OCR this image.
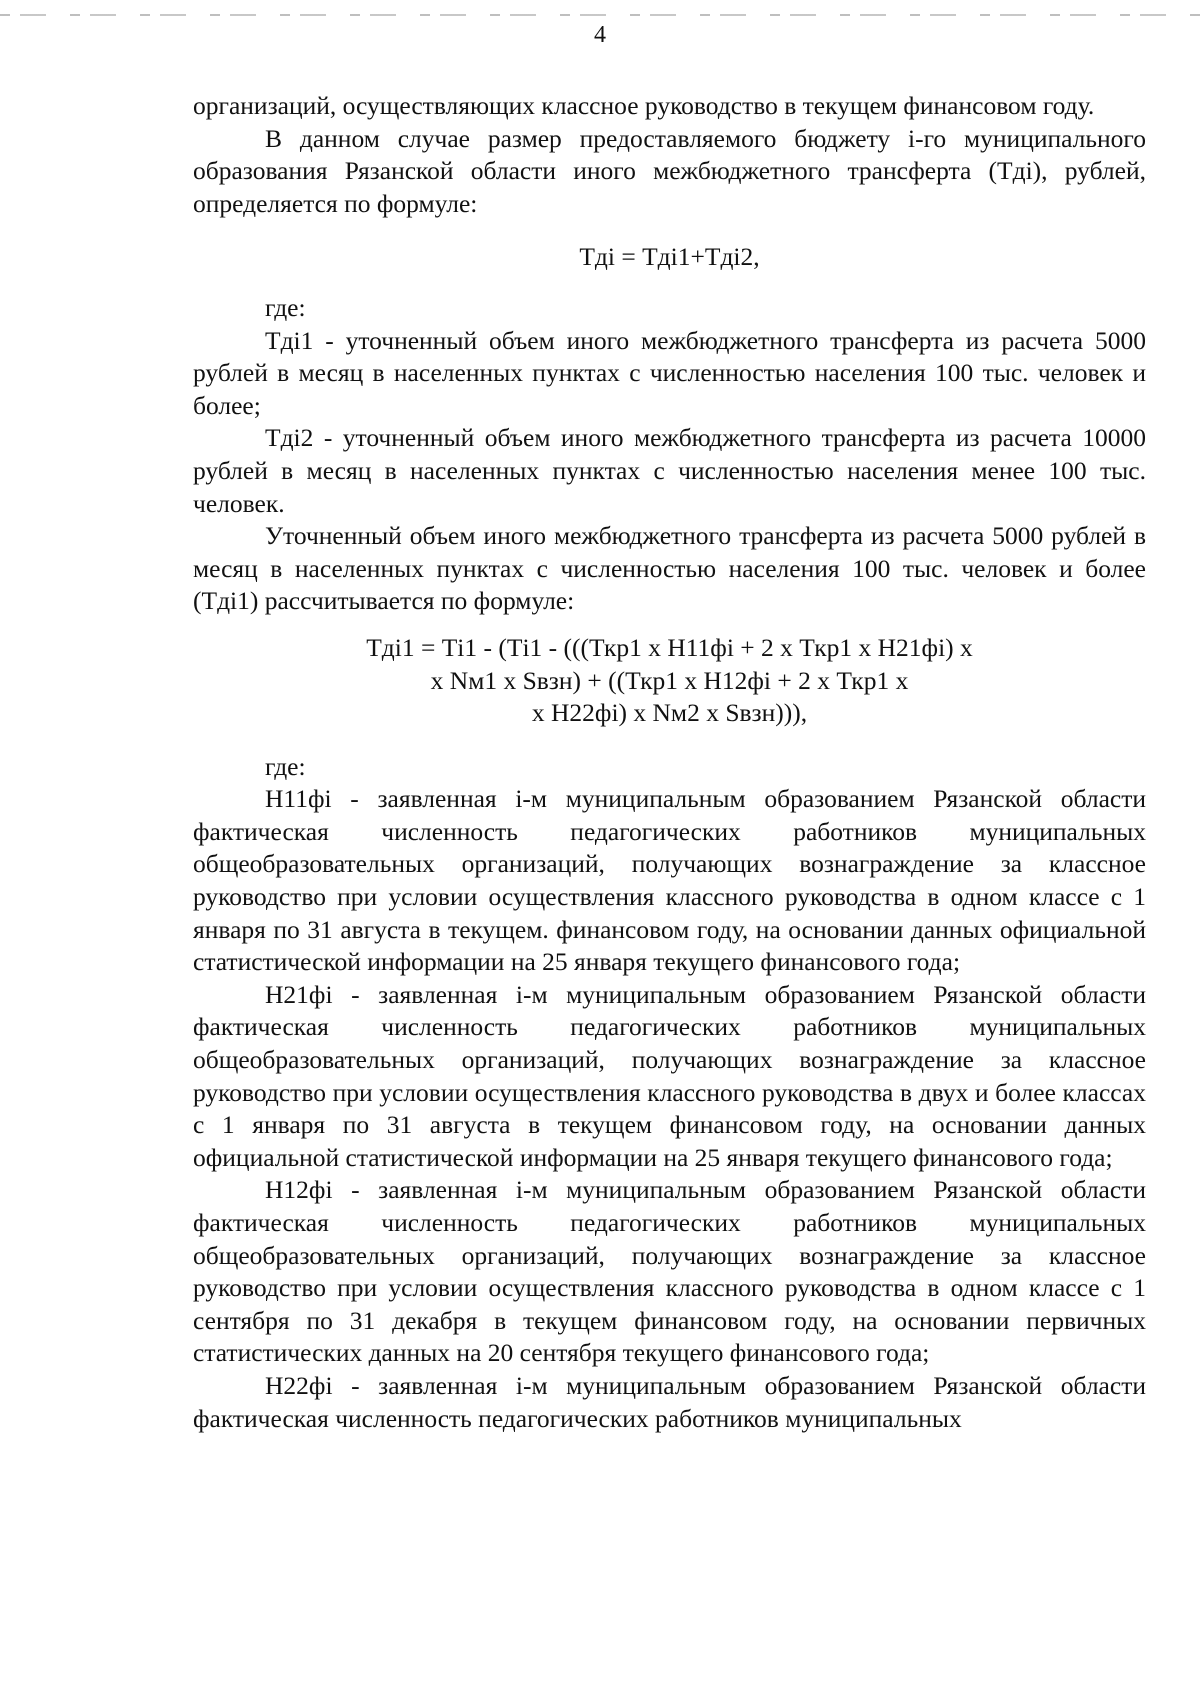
4

организаций, осуществляющих классное руководство в текущем финансовом году.

В данном случае размер предоставляемого бюджету i-го муниципального образования Рязанской области иного межбюджетного трансферта (Тдi), рублей, определяется по формуле:

Тдi = Тдi1+Тдi2,

где:

Тдi1 - уточненный объем иного межбюджетного трансферта из расчета 5000 рублей в месяц в населенных пунктах с численностью населения 100 тыс. человек и более;

Тдi2 - уточненный объем иного межбюджетного трансферта из расчета 10000 рублей в месяц в населенных пунктах с численностью населения менее 100 тыс. человек.

Уточненный объем иного межбюджетного трансферта из расчета 5000 рублей в месяц в населенных пунктах с численностью населения 100 тыс. человек и более (Тдi1) рассчитывается по формуле:

Тдi1 = Тi1 - (Тi1 - (((Ткр1 x Н11фi + 2 x Ткр1 x Н21фi) x

x Nм1 x Sвзн) + ((Ткр1 x Н12фi + 2 x Ткр1 x

x Н22фi) x Nм2 x Sвзн))),

где:

Н11фi - заявленная i-м муниципальным образованием Рязанской области фактическая численность педагогических работников муниципальных общеобразовательных организаций, получающих вознаграждение за классное руководство при условии осуществления классного руководства в одном классе с 1 января по 31 августа в текущем. финансовом году, на основании данных официальной статистической информации на 25 января текущего финансового года;

Н21фi - заявленная i-м муниципальным образованием Рязанской области фактическая численность педагогических работников муниципальных общеобразовательных организаций, получающих вознаграждение за классное руководство при условии осуществления классного руководства в двух и более классах с 1 января по 31 августа в текущем финансовом году, на основании данных официальной статистической информации на 25 января текущего финансового года;

Н12фi - заявленная i-м муниципальным образованием Рязанской области фактическая численность педагогических работников муниципальных общеобразовательных организаций, получающих вознаграждение за классное руководство при условии осуществления классного руководства в одном классе с 1 сентября по 31 декабря в текущем финансовом году, на основании первичных статистических данных на 20 сентября текущего финансового года;

Н22фi - заявленная i-м муниципальным образованием Рязанской области фактическая численность педагогических работников муниципальных
